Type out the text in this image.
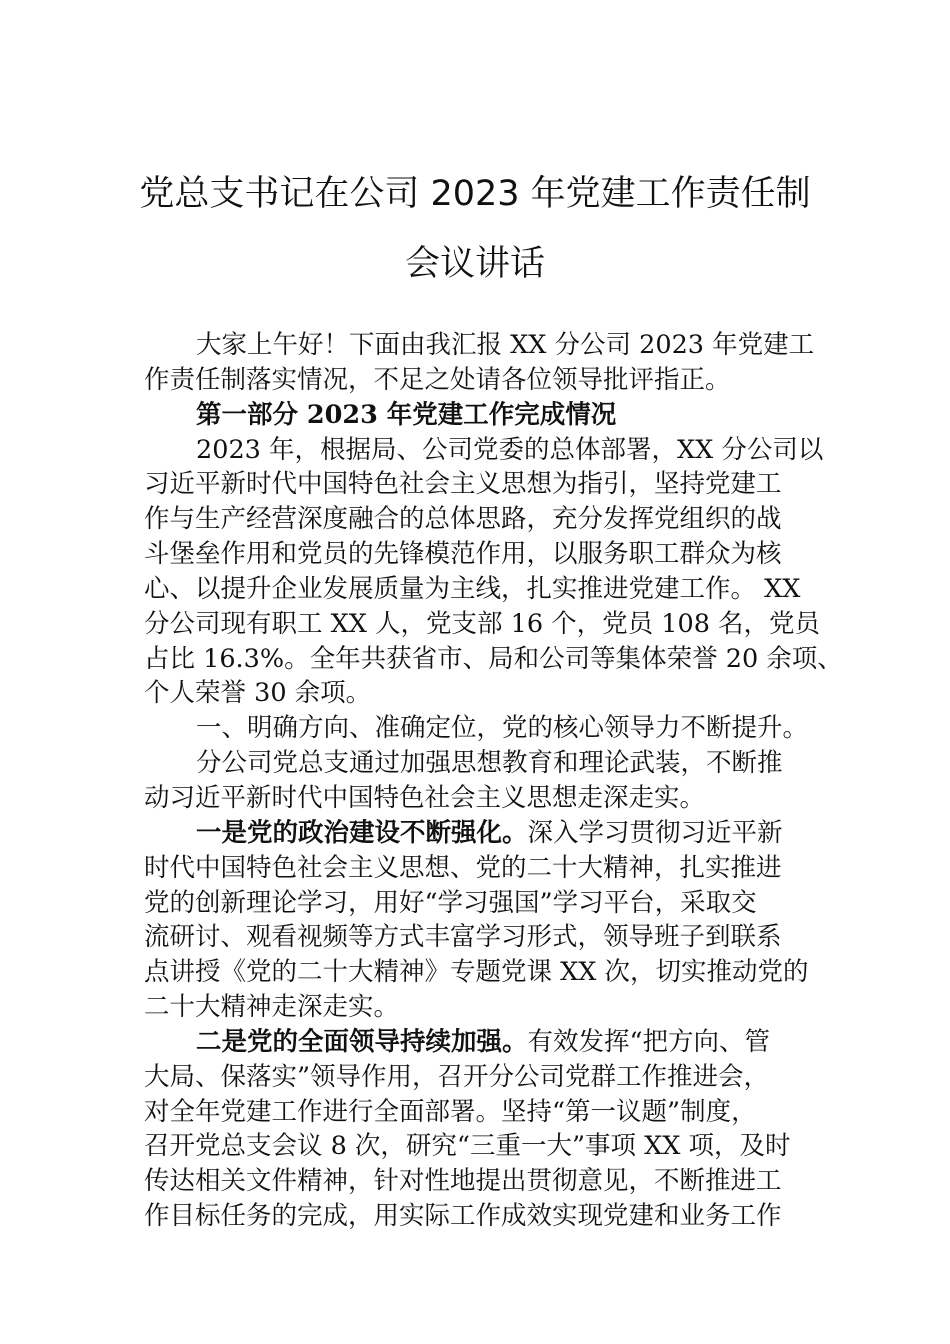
党总支书记在公司 2023 年党建工作责任制
会议讲话
大家上午好！下面由我汇报 XX 分公司 2023 年党建工
作责任制落实情况，不足之处请各位领导批评指正。
第一部分 2023 年党建工作完成情况
2023 年，根据局、公司党委的总体部署，XX 分公司以
习近平新时代中国特色社会主义思想为指引，坚持党建工
作与生产经营深度融合的总体思路，充分发挥党组织的战
斗堡垒作用和党员的先锋模范作用，以服务职工群众为核
心、以提升企业发展质量为主线，扎实推进党建工作。 XX
分公司现有职工 XX 人，党支部 16 个，党员 108 名，党员
占比 16.3%。全年共获省市、局和公司等集体荣誉 20 余项、
个人荣誉 30 余项。
一、明确方向、准确定位，党的核心领导力不断提升。
分公司党总支通过加强思想教育和理论武装，不断推
动习近平新时代中国特色社会主义思想走深走实。
一是党的政治建设不断强化。深入学习贯彻习近平新
时代中国特色社会主义思想、党的二十大精神，扎实推进
党的创新理论学习，用好“学习强国”学习平台，采取交
流研讨、观看视频等方式丰富学习形式，领导班子到联系
点讲授《党的二十大精神》专题党课 XX 次，切实推动党的
二十大精神走深走实。
二是党的全面领导持续加强。有效发挥“把方向、管
大局、保落实”领导作用，召开分公司党群工作推进会，
对全年党建工作进行全面部署。坚持“第一议题”制度，
召开党总支会议 8 次，研究“三重一大”事项 XX 项，及时
传达相关文件精神，针对性地提出贯彻意见，不断推进工
作目标任务的完成，用实际工作成效实现党建和业务工作
